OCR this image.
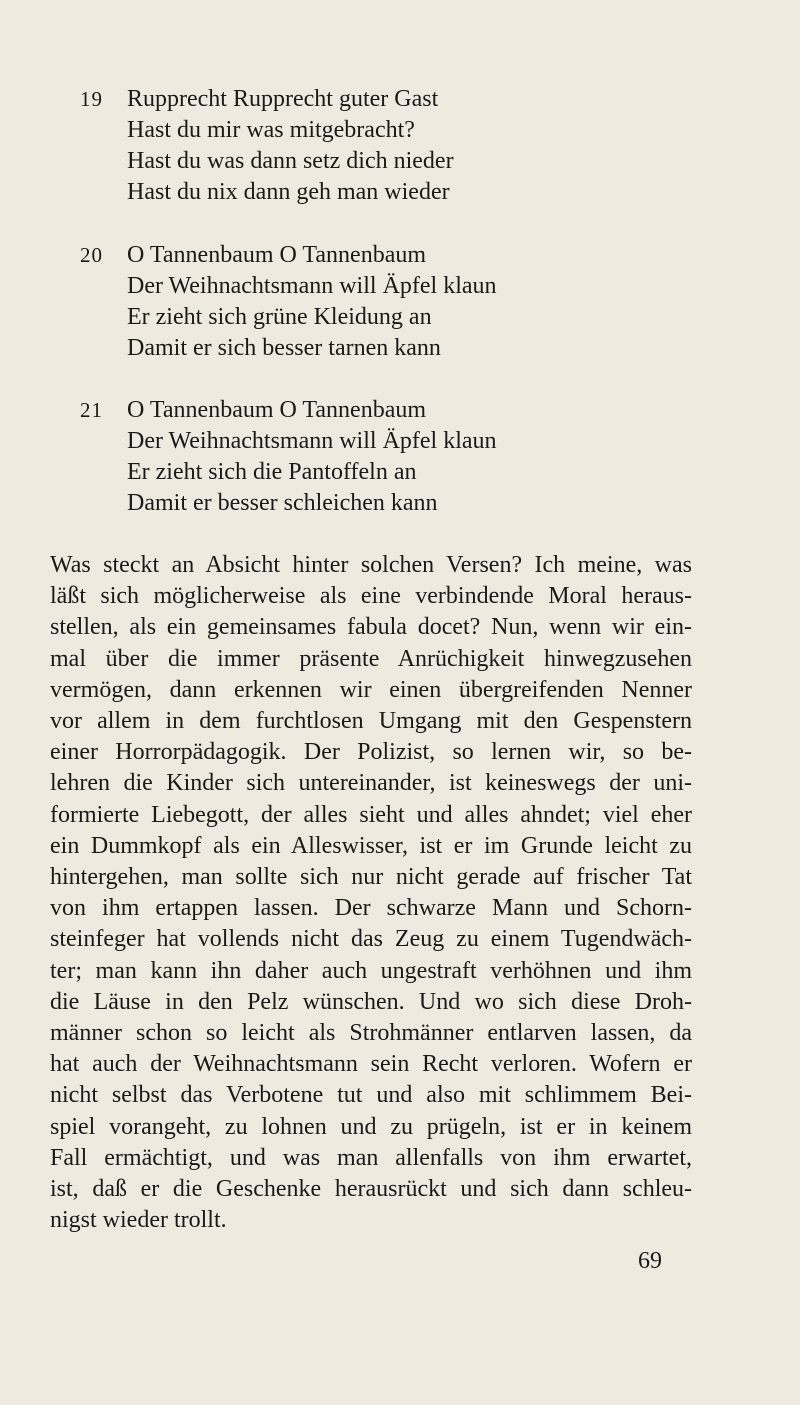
19 Rupprecht Rupprecht guter Gast
Hast du mir was mitgebracht?
Hast du was dann setz dich nieder
Hast du nix dann geh man wieder
20 O Tannenbaum O Tannenbaum
Der Weihnachtsmann will Äpfel klaun
Er zieht sich grüne Kleidung an
Damit er sich besser tarnen kann
21 O Tannenbaum O Tannenbaum
Der Weihnachtsmann will Äpfel klaun
Er zieht sich die Pantoffeln an
Damit er besser schleichen kann
Was steckt an Absicht hinter solchen Versen? Ich meine, was
läßt sich möglicherweise als eine verbindende Moral heraus-
stellen, als ein gemeinsames fabula docet? Nun, wenn wir ein-
mal über die immer präsente Anrüchigkeit hinwegzusehen
vermögen, dann erkennen wir einen übergreifenden Nenner
vor allem in dem furchtlosen Umgang mit den Gespenstern
einer Horrorpädagogik. Der Polizist, so lernen wir, so be-
lehren die Kinder sich untereinander, ist keineswegs der uni-
formierte Liebegott, der alles sieht und alles ahndet; viel eher
ein Dummkopf als ein Alleswisser, ist er im Grunde leicht zu
hintergehen, man sollte sich nur nicht gerade auf frischer Tat
von ihm ertappen lassen. Der schwarze Mann und Schorn-
steinfeger hat vollends nicht das Zeug zu einem Tugendwäch-
ter; man kann ihn daher auch ungestraft verhöhnen und ihm
die Läuse in den Pelz wünschen. Und wo sich diese Droh-
männer schon so leicht als Strohmänner entlarven lassen, da
hat auch der Weihnachtsmann sein Recht verloren. Wofern er
nicht selbst das Verbotene tut und also mit schlimmem Bei-
spiel vorangeht, zu lohnen und zu prügeln, ist er in keinem
Fall ermächtigt, und was man allenfalls von ihm erwartet,
ist, daß er die Geschenke herausrückt und sich dann schleu-
nigst wieder trollt.
69
